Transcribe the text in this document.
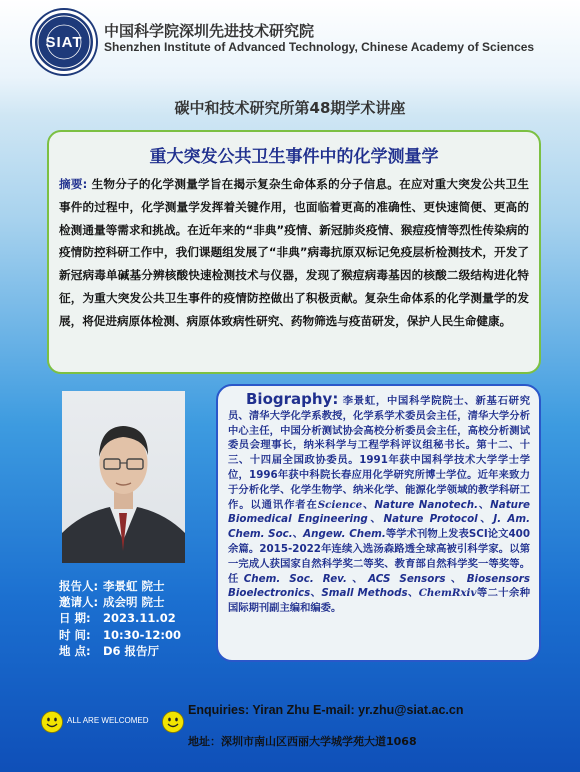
SIAT
中国科学院深圳先进技术研究院
Shenzhen Institute of Advanced Technology, Chinese Academy of Sciences
碳中和技术研究所第48期学术讲座
重大突发公共卫生事件中的化学测量学
摘要: 生物分子的化学测量学旨在揭示复杂生命体系的分子信息。在应对重大突发公共卫生事件的过程中，化学测量学发挥着关键作用，也面临着更高的准确性、更快速简便、更高的检测通量等需求和挑战。在近年来的“非典”疫情、新冠肺炎疫情、猴痘疫情等烈性传染病的疫情防控科研工作中，我们课题组发展了“非典”病毒抗原双标记免疫层析检测技术，开发了新冠病毒单碱基分辨核酸快速检测技术与仪器，发现了猴痘病毒基因的核酸二级结构进化特征，为重大突发公共卫生事件的疫情防控做出了积极贡献。复杂生命体系的化学测量学的发展，将促进病原体检测、病原体致病性研究、药物筛选与疫苗研发，保护人民生命健康。
报告人: 李景虹 院士
邀请人: 成会明 院士
日 期: 2023.11.02
时 间: 10:30-12:00
地 点: D6 报告厅
Biography: 李景虹，中国科学院院士、新基石研究员、清华大学化学系教授，化学系学术委员会主任，清华大学分析中心主任，中国分析测试协会高校分析委员会主任，高校分析测试委员会理事长，纳米科学与工程学科评议组秘书长。第十二、十三、十四届全国政协委员。1991年获中国科学技术大学学士学位，1996年获中科院长春应用化学研究所博士学位。近年来致力于分析化学、化学生物学、纳米化学、能源化学领域的教学科研工作。以通讯作者在Science、Nature Nanotech.、Nature Biomedical Engineering、Nature Protocol、J. Am. Chem. Soc.、Angew. Chem.等学术刊物上发表SCI论文400余篇。2015-2022年连续入选汤森路透全球高被引科学家。以第一完成人获国家自然科学奖二等奖、教育部自然科学奖一等奖等。任Chem. Soc. Rev.、ACS Sensors、Biosensors Bioelectronics、Small Methods、ChemRxiv等二十余种国际期刊副主编和编委。
ALL ARE WELCOMED
Enquiries: Yiran Zhu E-mail: yr.zhu@siat.ac.cn
地址：深圳市南山区西丽大学城学苑大道1068
